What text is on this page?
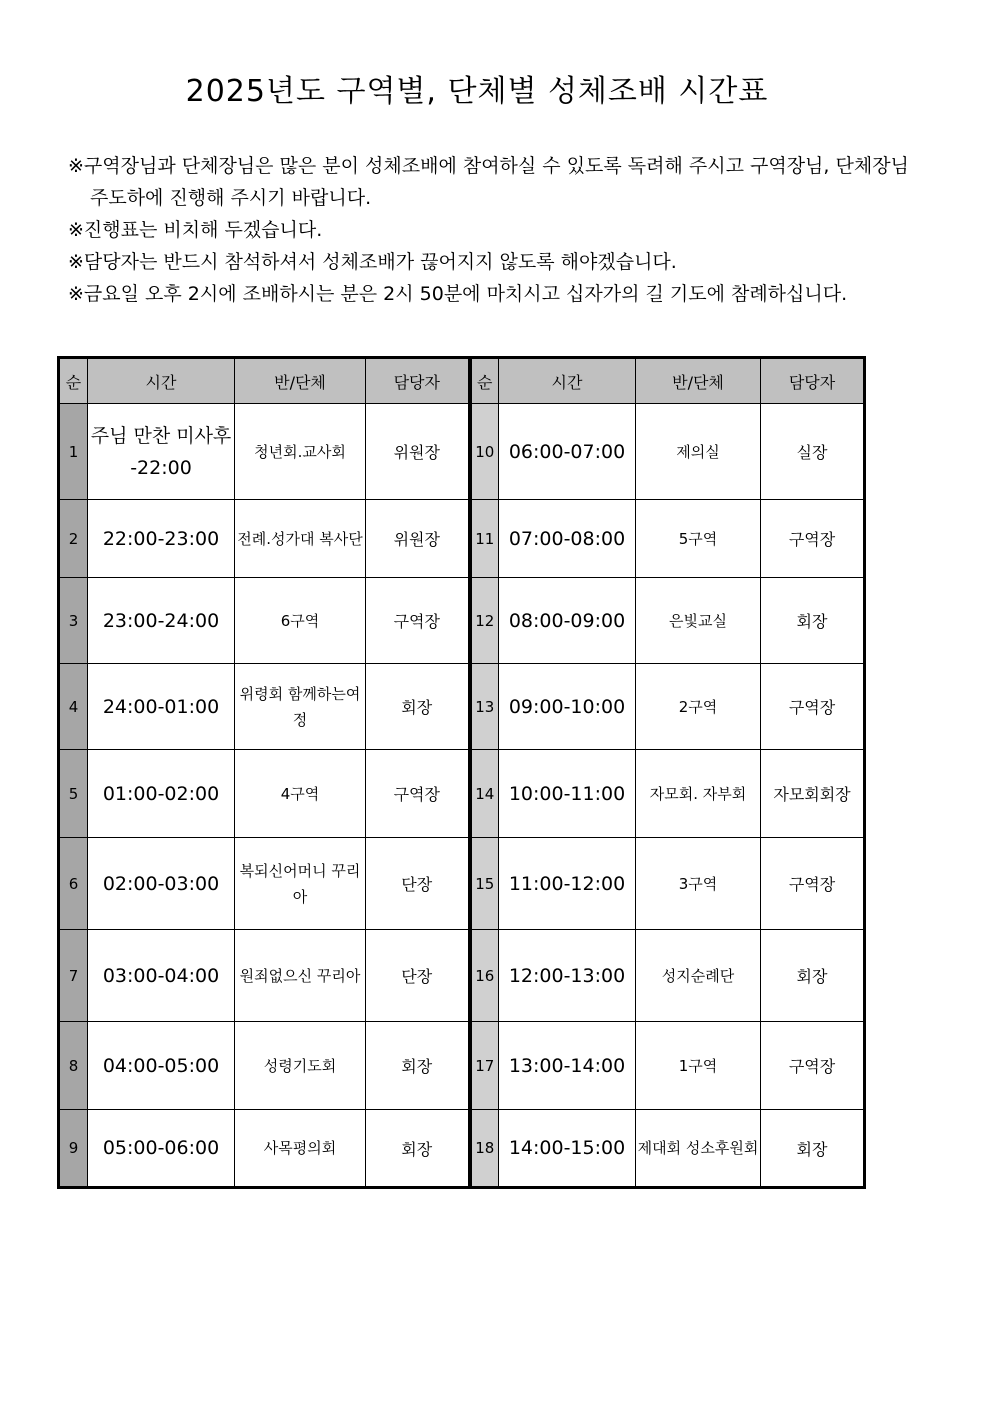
2025년도 구역별, 단체별 성체조배 시간표
※구역장님과 단체장님은 많은 분이 성체조배에 참여하실 수 있도록 독려해 주시고 구역장님, 단체장님 주도하에 진행해 주시기 바랍니다.
※진행표는 비치해 두겠습니다.
※담당자는 반드시 참석하셔서 성체조배가 끊어지지 않도록 해야겠습니다.
※금요일 오후 2시에 조배하시는 분은 2시 50분에 마치시고 십자가의 길 기도에 참례하십니다.
순	시간	반/단체	담당자	순	시간	반/단체	담당자
1	주님 만찬 미사후 -22:00	청년회.교사회	위원장	10	06:00-07:00	제의실	실장
2	22:00-23:00	전례.성가대 복사단	위원장	11	07:00-08:00	5구역	구역장
3	23:00-24:00	6구역	구역장	12	08:00-09:00	은빛교실	회장
4	24:00-01:00	위령회 함께하는여정	회장	13	09:00-10:00	2구역	구역장
5	01:00-02:00	4구역	구역장	14	10:00-11:00	자모회. 자부회	자모회회장
6	02:00-03:00	복되신어머니 꾸리아	단장	15	11:00-12:00	3구역	구역장
7	03:00-04:00	원죄없으신 꾸리아	단장	16	12:00-13:00	성지순례단	회장
8	04:00-05:00	성령기도회	회장	17	13:00-14:00	1구역	구역장
9	05:00-06:00	사목평의회	회장	18	14:00-15:00	제대회 성소후원회	회장
